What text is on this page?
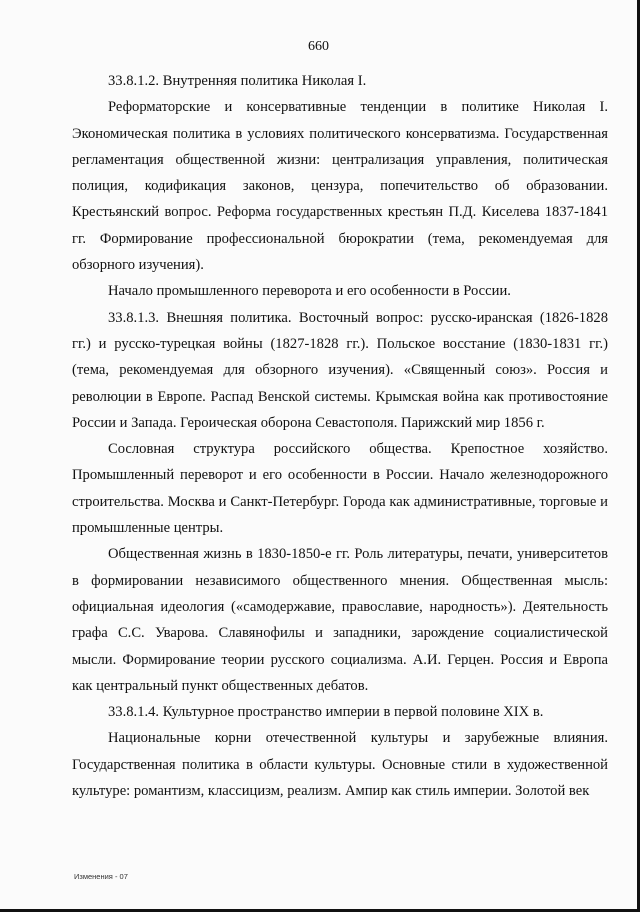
660

33.8.1.2. Внутренняя политика Николая I.

Реформаторские и консервативные тенденции в политике Николая I. Экономическая политика в условиях политического консерватизма. Государственная регламентация общественной жизни: централизация управления, политическая полиция, кодификация законов, цензура, попечительство об образовании. Крестьянский вопрос. Реформа государственных крестьян П.Д. Киселева 1837-1841 гг. Формирование профессиональной бюрократии (тема, рекомендуемая для обзорного изучения).

Начало промышленного переворота и его особенности в России.

33.8.1.3. Внешняя политика. Восточный вопрос: русско-иранская (1826-1828 гг.) и русско-турецкая войны (1827-1828 гг.). Польское восстание (1830-1831 гг.) (тема, рекомендуемая для обзорного изучения). «Священный союз». Россия и революции в Европе. Распад Венской системы. Крымская война как противостояние России и Запада. Героическая оборона Севастополя. Парижский мир 1856 г.

Сословная структура российского общества. Крепостное хозяйство. Промышленный переворот и его особенности в России. Начало железнодорожного строительства. Москва и Санкт-Петербург. Города как административные, торговые и промышленные центры.

Общественная жизнь в 1830-1850-е гг. Роль литературы, печати, университетов в формировании независимого общественного мнения. Общественная мысль: официальная идеология («самодержавие, православие, народность»). Деятельность графа С.С. Уварова. Славянофилы и западники, зарождение социалистической мысли. Формирование теории русского социализма. А.И. Герцен. Россия и Европа как центральный пункт общественных дебатов.

33.8.1.4. Культурное пространство империи в первой половине XIX в.

Национальные корни отечественной культуры и зарубежные влияния. Государственная политика в области культуры. Основные стили в художественной культуре: романтизм, классицизм, реализм. Ампир как стиль империи. Золотой век

Изменения - 07
